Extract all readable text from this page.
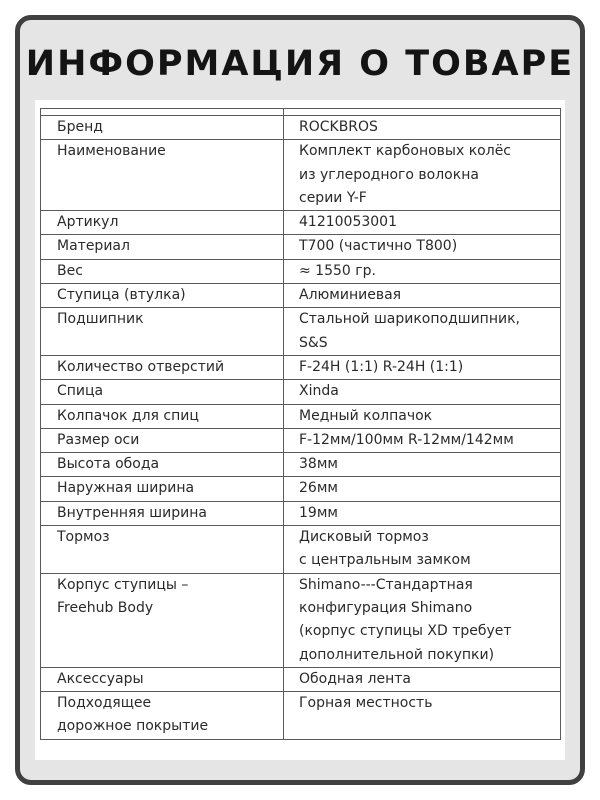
ИНФОРМАЦИЯ О ТОВАРЕ

Бренд	ROCKBROS
Наименование	Комплект карбоновых колёс
из углеродного волокна
серии Y-F
Артикул	41210053001
Материал	T700 (частично T800)
Вес	≈ 1550 гр.
Ступица (втулка)	Алюминиевая
Подшипник	Стальной шарикоподшипник,
S&S
Количество отверстий	F-24H (1:1) R-24H (1:1)
Спица	Xinda
Колпачок для спиц	Медный колпачок
Размер оси	F-12мм/100мм R-12мм/142мм
Высота обода	38мм
Наружная ширина	26мм
Внутренняя ширина	19мм
Тормоз	Дисковый тормоз
с центральным замком
Корпус ступицы –
Freehub Body	Shimano---Стандартная
конфигурация Shimano
(корпус ступицы XD требует
дополнительной покупки)
Аксессуары	Ободная лента
Подходящее
дорожное покрытие	Горная местность
